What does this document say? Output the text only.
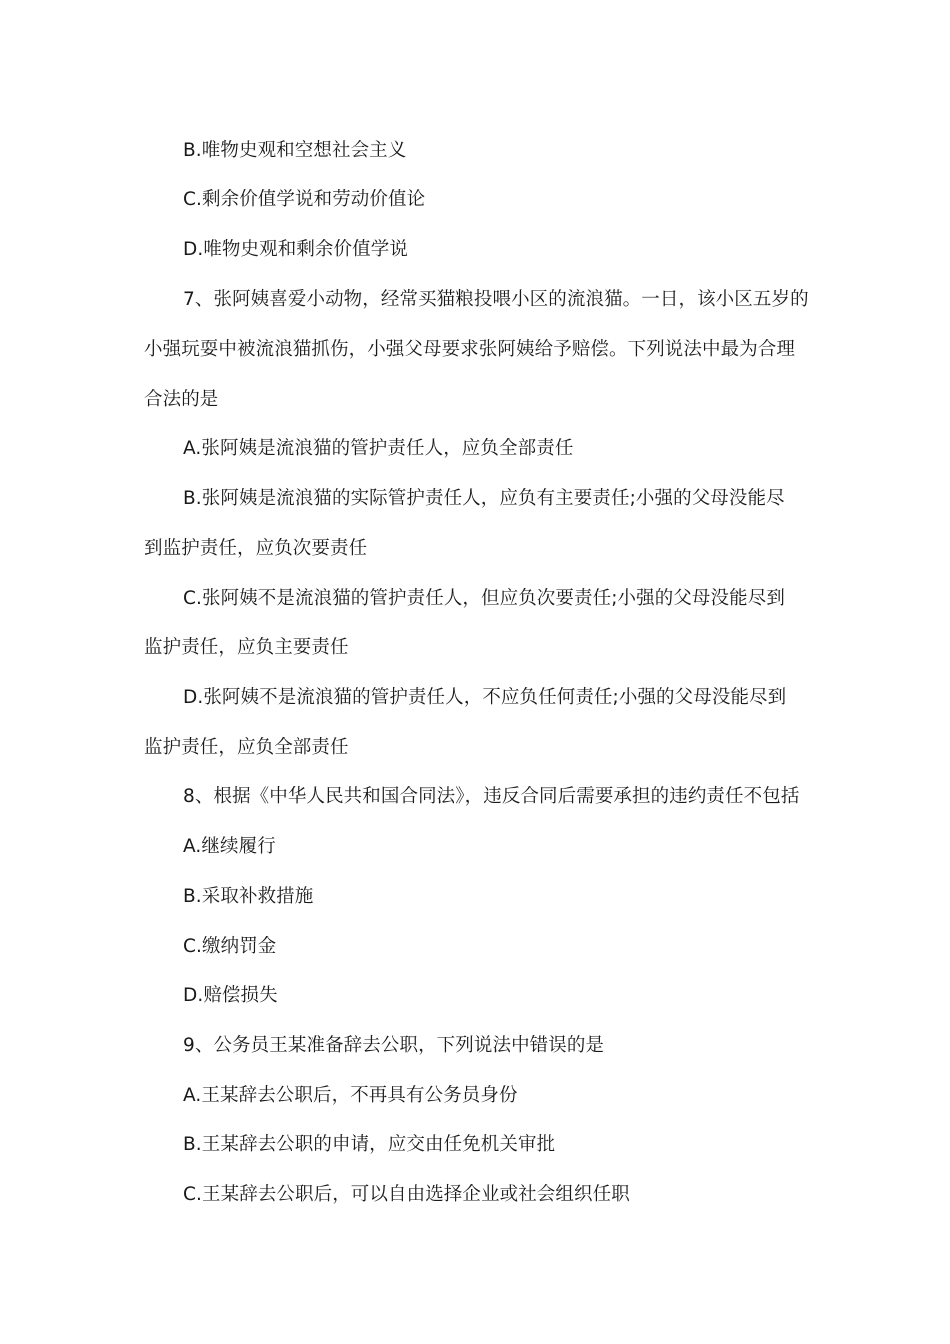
B.唯物史观和空想社会主义
C.剩余价值学说和劳动价值论
D.唯物史观和剩余价值学说
7、张阿姨喜爱小动物，经常买猫粮投喂小区的流浪猫。一日，该小区五岁的
小强玩耍中被流浪猫抓伤，小强父母要求张阿姨给予赔偿。下列说法中最为合理
合法的是
A.张阿姨是流浪猫的管护责任人，应负全部责任
B.张阿姨是流浪猫的实际管护责任人，应负有主要责任;小强的父母没能尽
到监护责任，应负次要责任
C.张阿姨不是流浪猫的管护责任人，但应负次要责任;小强的父母没能尽到
监护责任，应负主要责任
D.张阿姨不是流浪猫的管护责任人，不应负任何责任;小强的父母没能尽到
监护责任，应负全部责任
8、根据《中华人民共和国合同法》，违反合同后需要承担的违约责任不包括
A.继续履行
B.采取补救措施
C.缴纳罚金
D.赔偿损失
9、公务员王某准备辞去公职，下列说法中错误的是
A.王某辞去公职后，不再具有公务员身份
B.王某辞去公职的申请，应交由任免机关审批
C.王某辞去公职后，可以自由选择企业或社会组织任职
